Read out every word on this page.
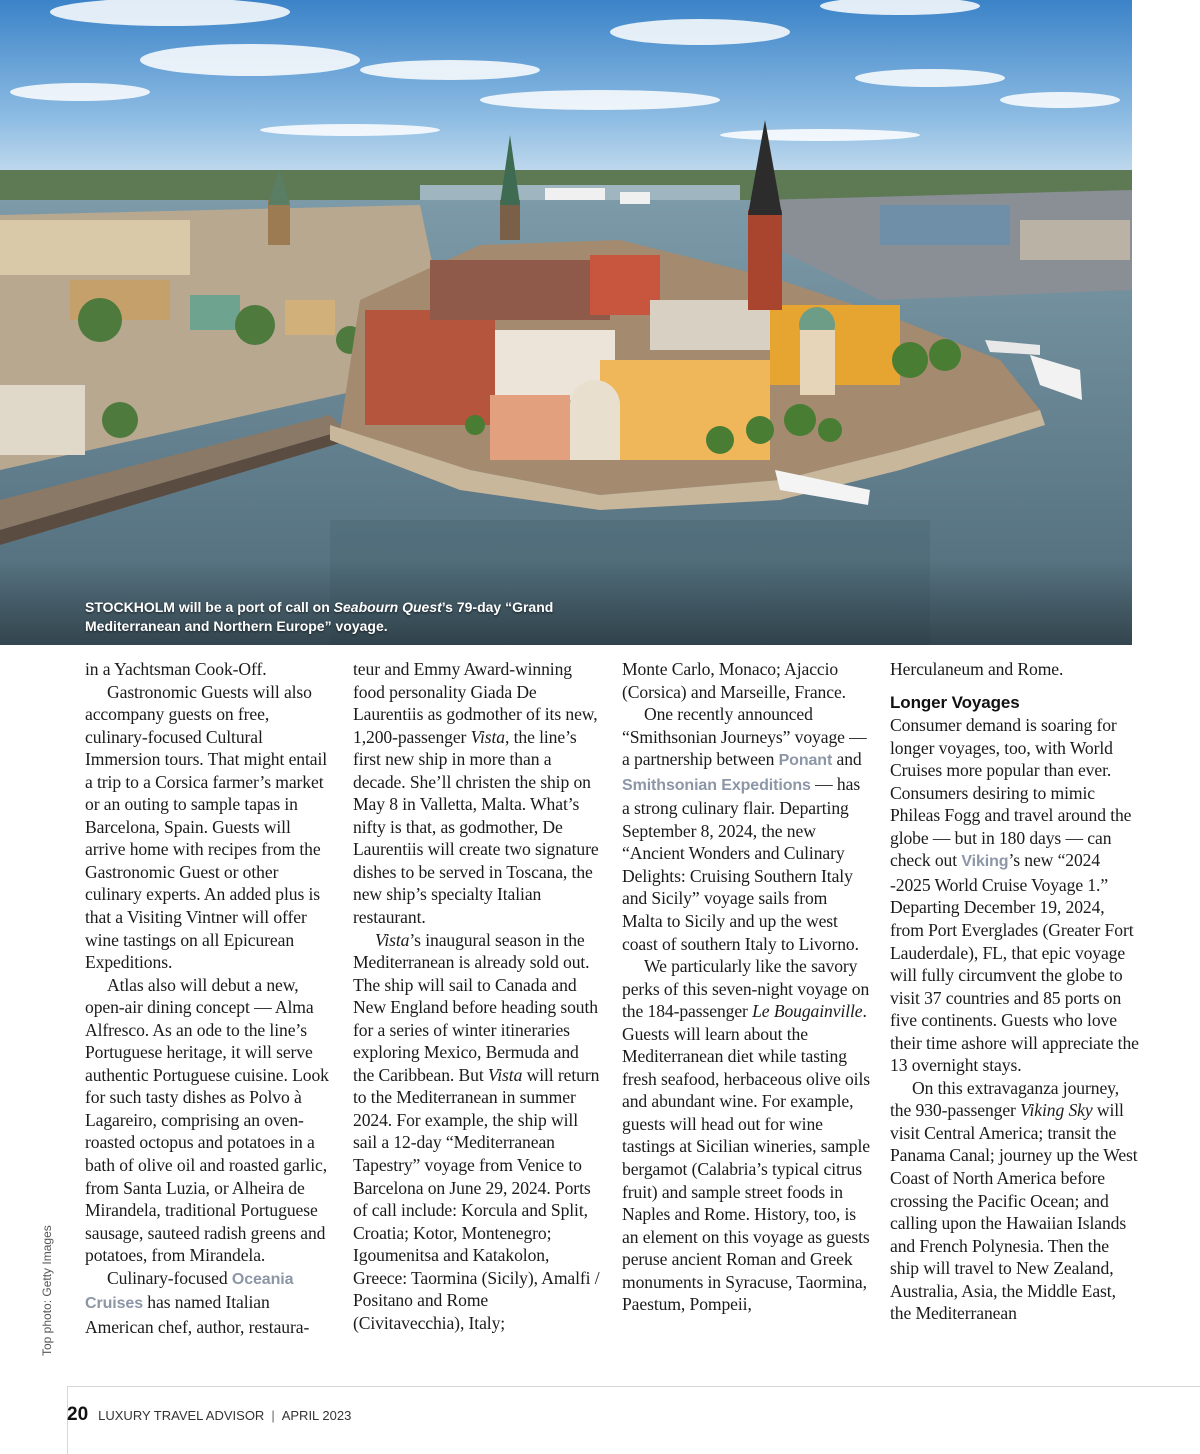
STOCKHOLM will be a port of call on Seabourn Quest’s 79-day “Grand Mediterranean and Northern Europe” voyage.

in a Yachtsman Cook-Off.

Gastronomic Guests will also accompany guests on free, culinary-focused Cultural Immersion tours. That might entail a trip to a Corsica farmer’s market or an outing to sample tapas in Barcelona, Spain. Guests will arrive home with recipes from the Gastronomic Guest or other culinary experts. An added plus is that a Visiting Vintner will offer wine tastings on all Epicurean Expeditions.

Atlas also will debut a new, open-air dining concept — Alma Alfresco. As an ode to the line’s Portuguese heritage, it will serve authentic Portuguese cuisine. Look for such tasty dishes as Polvo à Lagareiro, comprising an oven-roasted octopus and potatoes in a bath of olive oil and roasted garlic, from Santa Luzia, or Alheira de Mirandela, traditional Portuguese sausage, sauteed radish greens and potatoes, from Mirandela.

Culinary-focused Oceania Cruises has named Italian American chef, author, restaura-

teur and Emmy Award-winning food personality Giada De Laurentiis as godmother of its new, 1,200-passenger Vista, the line’s first new ship in more than a decade. She’ll christen the ship on May 8 in Valletta, Malta. What’s nifty is that, as godmother, De Laurentiis will create two signature dishes to be served in Toscana, the new ship’s specialty Italian restaurant.

Vista’s inaugural season in the Mediterranean is already sold out. The ship will sail to Canada and New England before heading south for a series of winter itineraries exploring Mexico, Bermuda and the Caribbean. But Vista will return to the Mediterranean in summer 2024. For example, the ship will sail a 12-day “Mediterranean Tapestry” voyage from Venice to Barcelona on June 29, 2024. Ports of call include: Korcula and Split, Croatia; Kotor, Montenegro; Igoumenitsa and Katakolon, Greece: Taormina (Sicily), Amalfi / Positano and Rome (Civitavecchia), Italy;

Monte Carlo, Monaco; Ajaccio (Corsica) and Marseille, France.

One recently announced “Smithsonian Journeys” voyage — a partnership between Ponant and Smithsonian Expeditions — has a strong culinary flair. Departing September 8, 2024, the new “Ancient Wonders and Culinary Delights: Cruising Southern Italy and Sicily” voyage sails from Malta to Sicily and up the west coast of southern Italy to Livorno.

We particularly like the savory perks of this seven-night voyage on the 184-passenger Le Bougainville. Guests will learn about the Mediterranean diet while tasting fresh seafood, herbaceous olive oils and abundant wine. For example, guests will head out for wine tastings at Sicilian wineries, sample bergamot (Calabria’s typical citrus fruit) and sample street foods in Naples and Rome. History, too, is an element on this voyage as guests peruse ancient Roman and Greek monuments in Syracuse, Taormina, Paestum, Pompeii,

Herculaneum and Rome.

Longer Voyages

Consumer demand is soaring for longer voyages, too, with World Cruises more popular than ever. Consumers desiring to mimic Phileas Fogg and travel around the globe — but in 180 days — can check out Viking’s new “2024 -2025 World Cruise Voyage 1.” Departing December 19, 2024, from Port Everglades (Greater Fort Lauderdale), FL, that epic voyage will fully circumvent the globe to visit 37 countries and 85 ports on five continents. Guests who love their time ashore will appreciate the 13 overnight stays.

On this extravaganza journey, the 930-passenger Viking Sky will visit Central America; transit the Panama Canal; journey up the West Coast of North America before crossing the Pacific Ocean; and calling upon the Hawaiian Islands and French Polynesia. Then the ship will travel to New Zealand, Australia, Asia, the Middle East, the Mediterranean

Top photo: Getty Images
20 LUXURY TRAVEL ADVISOR | APRIL 2023
